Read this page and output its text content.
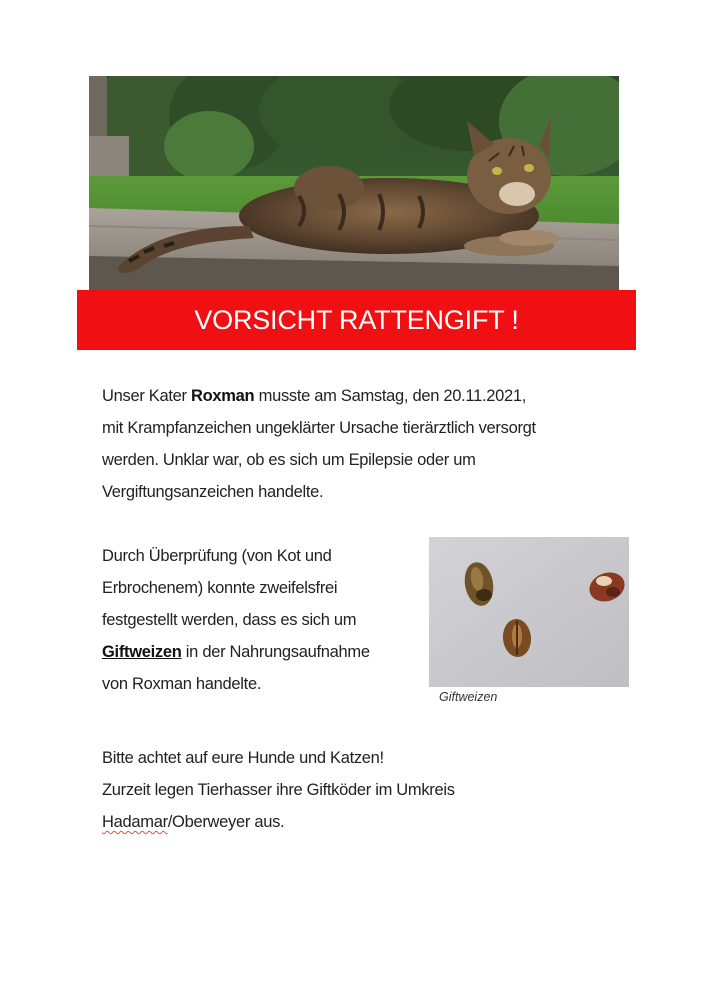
VORSICHT RATTENGIFT !
Unser Kater Roxman musste am Samstag, den 20.11.2021,
mit Krampfanzeichen ungeklärter Ursache tierärztlich versorgt
werden. Unklar war, ob es sich um Epilepsie oder um
Vergiftungsanzeichen handelte.
Durch Überprüfung (von Kot und
Erbrochenem) konnte zweifelsfrei
festgestellt werden, dass es sich um
Giftweizen in der Nahrungsaufnahme
von Roxman handelte.
Giftweizen
Bitte achtet auf eure Hunde und Katzen!
Zurzeit legen Tierhasser ihre Giftköder im Umkreis
Hadamar/Oberweyer aus.
